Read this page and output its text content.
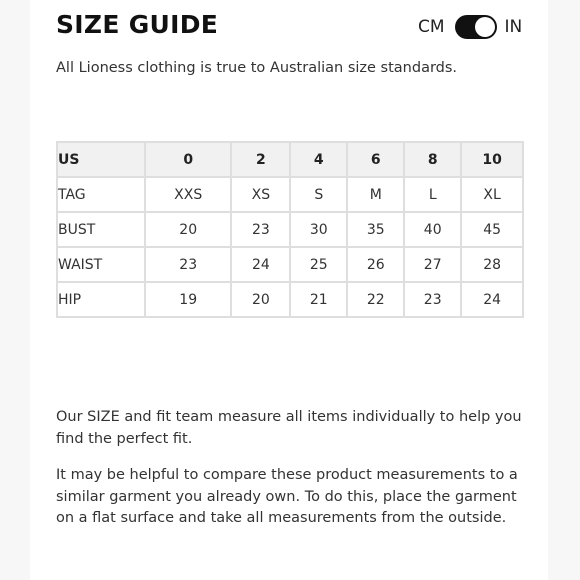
SIZE GUIDE	CM	IN

All Lioness clothing is true to Australian size standards.

US	0	2	4	6	8	10
TAG	XXS	XS	S	M	L	XL
BUST	20	23	30	35	40	45
WAIST	23	24	25	26	27	28
HIP	19	20	21	22	23	24

Our SIZE and fit team measure all items individually to help you find the perfect fit.

It may be helpful to compare these product measurements to a similar garment you already own. To do this, place the garment on a flat surface and take all measurements from the outside.
